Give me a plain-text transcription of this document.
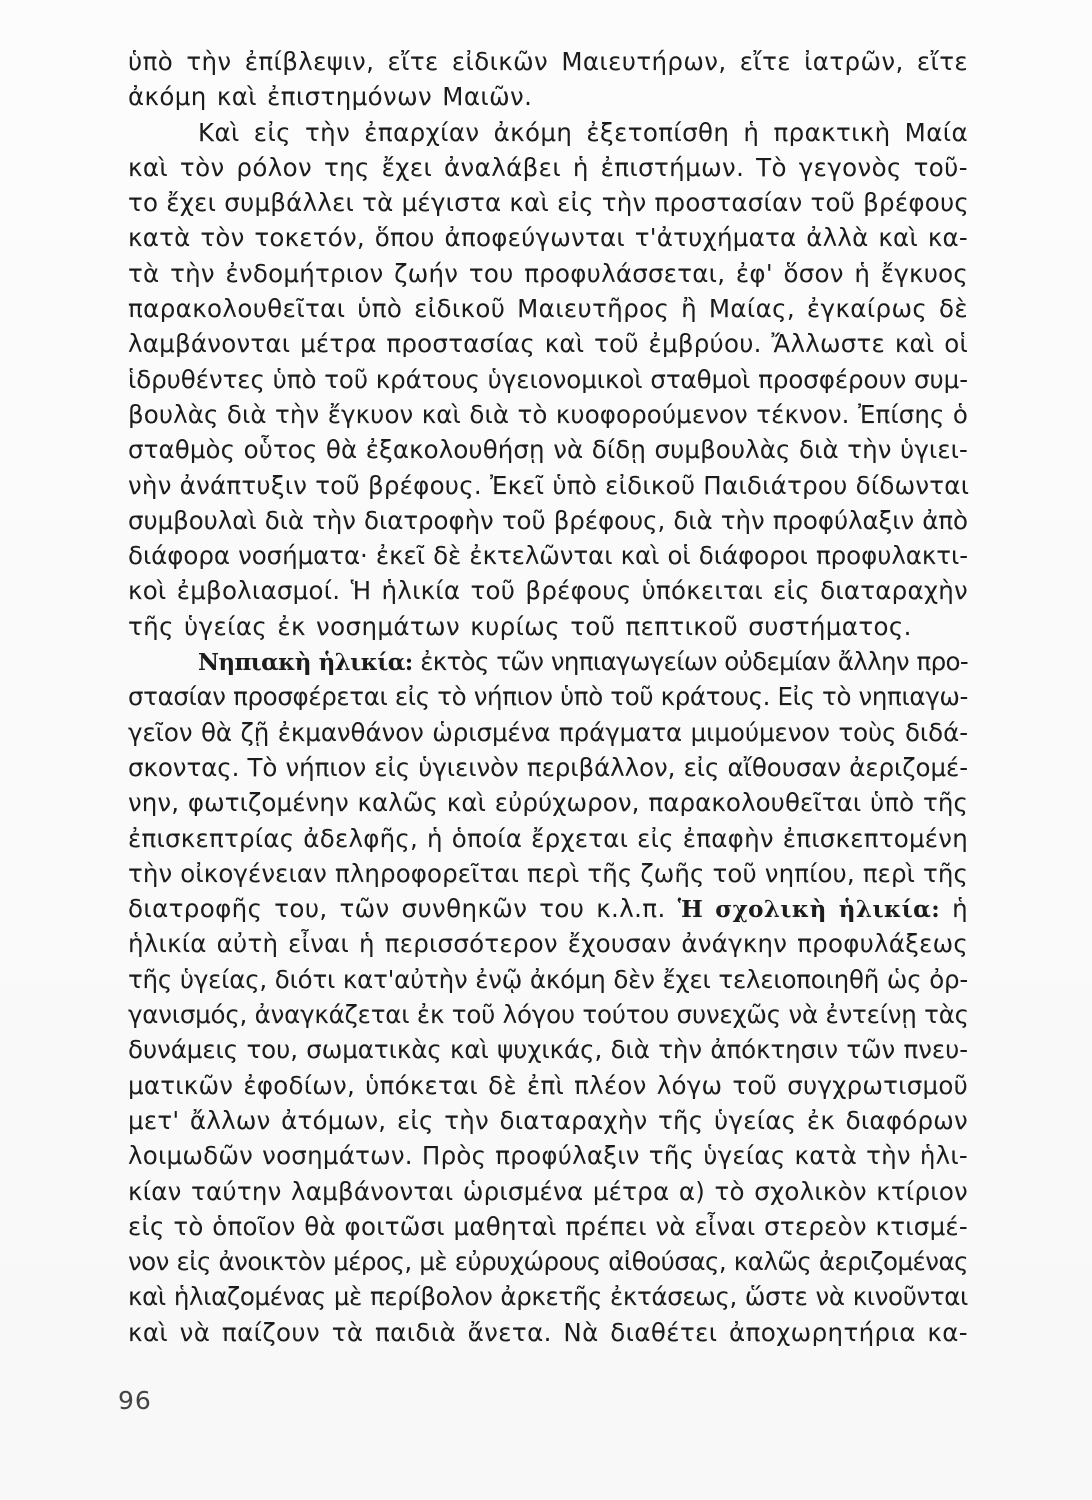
ὑπὸ τὴν ἐπίβλεψιν, εἴτε εἰδικῶν Μαιευτήρων, εἴτε ἰατρῶν, εἴτε
ἀκόμη καὶ ἐπιστημόνων Μαιῶν.
Καὶ εἰς τὴν ἐπαρχίαν ἀκόμη ἐξετοπίσθη ἡ πρακτικὴ Μαία
καὶ τὸν ρόλον της ἔχει ἀναλάβει ἡ ἐπιστήμων. Τὸ γεγονὸς τοῦ-
το ἔχει συμβάλλει τὰ μέγιστα καὶ εἰς τὴν προστασίαν τοῦ βρέφους
κατὰ τὸν τοκετόν, ὅπου ἀποφεύγωνται τ'ἀτυχήματα ἀλλὰ καὶ κα-
τὰ τὴν ἐνδομήτριον ζωήν του προφυλάσσεται, ἐφ' ὅσον ἡ ἔγκυος
παρακολουθεῖται ὑπὸ εἰδικοῦ Μαιευτῆρος ἢ Μαίας, ἐγκαίρως δὲ
λαμβάνονται μέτρα προστασίας καὶ τοῦ ἐμβρύου. Ἄλλωστε καὶ οἱ
ἱδρυθέντες ὑπὸ τοῦ κράτους ὑγειονομικοὶ σταθμοὶ προσφέρουν συμ-
βουλὰς διὰ τὴν ἔγκυον καὶ διὰ τὸ κυοφορούμενον τέκνον. Ἐπίσης ὁ
σταθμὸς οὗτος θὰ ἐξακολουθήσῃ νὰ δίδῃ συμβουλὰς διὰ τὴν ὑγιει-
νὴν ἀνάπτυξιν τοῦ βρέφους. Ἐκεῖ ὑπὸ εἰδικοῦ Παιδιάτρου δίδωνται
συμβουλαὶ διὰ τὴν διατροφὴν τοῦ βρέφους, διὰ τὴν πρoφύλαξιν ἀπὸ
διάφορα νοσήματα· ἐκεῖ δὲ ἐκτελῶνται καὶ οἱ διάφοροι προφυλακτι-
κοὶ ἐμβολιασμοί. Ἡ ἡλικία τοῦ βρέφους ὑπόκειται εἰς διαταραχὴν
τῆς ὑγείας ἐκ νοσημάτων κυρίως τοῦ πεπτικοῦ συστήματος.
Νηπιακὴ ἡλικία: ἐκτὸς τῶν νηπιαγωγείων οὐδεμίαν ἄλλην προ-
στασίαν προσφέρεται εἰς τὸ νήπιον ὑπὸ τοῦ κράτους. Εἰς τὸ νηπιαγω-
γεῖον θὰ ζῇ ἐκμανθάνον ὡρισμένα πράγματα μιμούμενον τοὺς διδά-
σκοντας. Τὸ νήπιον εἰς ὑγιεινὸν περιβάλλον, εἰς αἴθουσαν ἀεριζομέ-
νην, φωτιζομένην καλῶς καὶ εὐρύχωρον, παρακολουθεῖται ὑπὸ τῆς
ἐπισκεπτρίας ἀδελφῆς, ἡ ὁποία ἔρχεται εἰς ἐπαφὴν ἐπισκεπτομένη
τὴν οἰκογένειαν πληροφορεῖται περὶ τῆς ζωῆς τοῦ νηπίου, περὶ τῆς
διατροφῆς του, τῶν συνθηκῶν του κ.λ.π. Ἡ σχολικὴ ἡλικία: ἡ
ἡλικία αὐτὴ εἶναι ἡ περισσότερον ἔχουσαν ἀνάγκην προφυλάξεως
τῆς ὑγείας, διότι κατ'αὐτὴν ἐνῷ ἀκόμη δὲν ἔχει τελειοποιηθῆ ὡς ὀρ-
γανισμός, ἀναγκάζεται ἐκ τοῦ λόγου τούτου συνεχῶς νὰ ἐντείνῃ τὰς
δυνάμεις του, σωματικὰς καὶ ψυχικάς, διὰ τὴν ἀπόκτησιν τῶν πνευ-
ματικῶν ἐφοδίων, ὑπόκεται δὲ ἐπὶ πλέον λόγω τοῦ συγχρωτισμοῦ
μετ' ἄλλων ἀτόμων, εἰς τὴν διαταραχὴν τῆς ὑγείας ἐκ διαφόρων
λοιμωδῶν νοσημάτων. Πρὸς προφύλαξιν τῆς ὑγείας κατὰ τὴν ἡλι-
κίαν ταύτην λαμβάνονται ὡρισμένα μέτρα α) τὸ σχολικὸν κτίριον
εἰς τὸ ὁποῖον θὰ φοιτῶσι μαθηταὶ πρέπει νὰ εἶναι στερεὸν κτισμέ-
νον εἰς ἀνοικτὸν μέρος, μὲ εὐρυχώρους αἰθούσας, καλῶς ἀεριζομένας
καὶ ἡλιαζομένας μὲ περίβολον ἀρκετῆς ἐκτάσεως, ὥστε νὰ κινοῦνται
καὶ νὰ παίζουν τὰ παιδιὰ ἄνετα. Νὰ διαθέτει ἀποχωρητήρια κα-
96
